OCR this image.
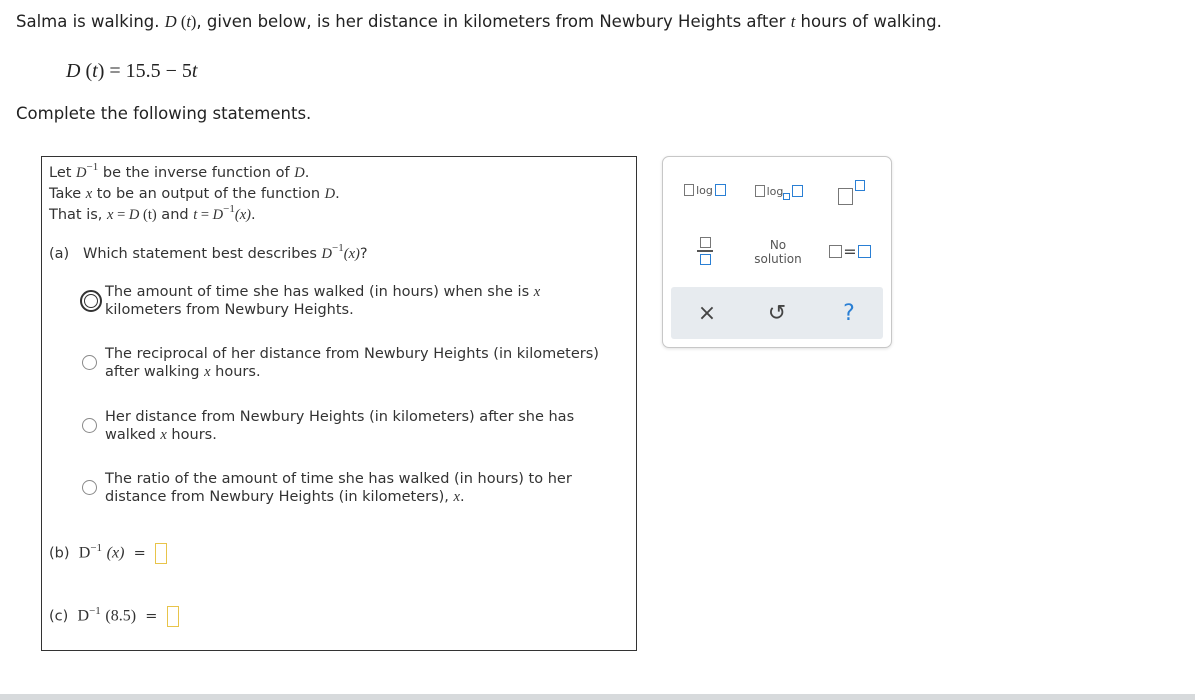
Salma is walking. D (t), given below, is her distance in kilometers from Newbury Heights after t hours of walking.
D (t) = 15.5 − 5t
Complete the following statements.
Let $D^{-1}$ be the inverse function of D.
Take x to be an output of the function D.
That is, x = D (t) and $t = D^{-1}(x)$.
(a) Which statement best describes $D^{-1}(x)$?
The amount of time she has walked (in hours) when she is x
kilometers from Newbury Heights.
The reciprocal of her distance from Newbury Heights (in kilometers)
after walking x hours.
Her distance from Newbury Heights (in kilometers) after she has
walked x hours.
The ratio of the amount of time she has walked (in hours) to her
distance from Newbury Heights (in kilometers), x.
(b) $D^{-1}$ (x) =
(c) $D^{-1}$ (8.5) =
log	log
No
solution	=
× ↺	?
